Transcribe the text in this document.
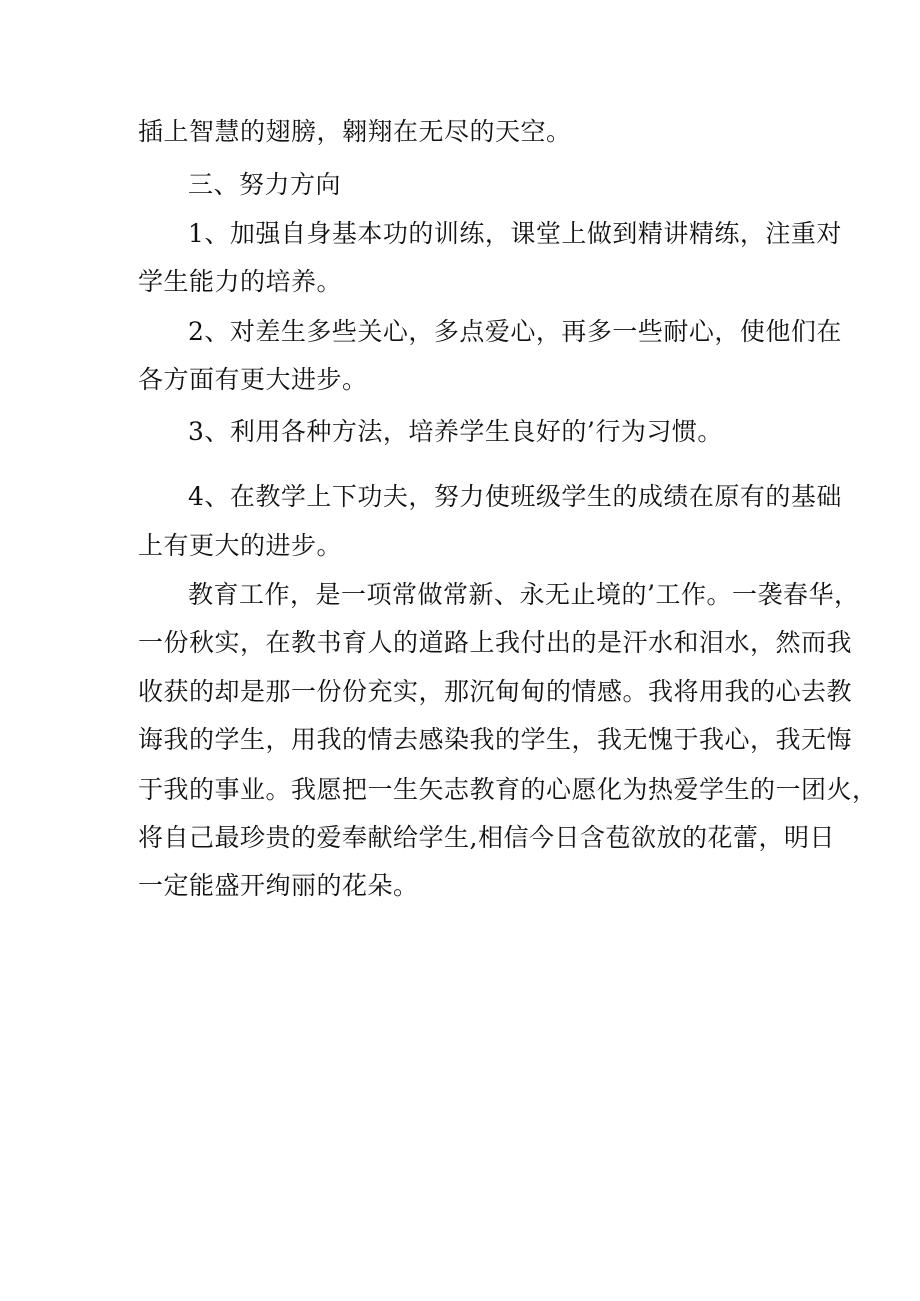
插上智慧的翅膀，翱翔在无尽的天空。
三、努力方向
1、加强自身基本功的训练，课堂上做到精讲精练，注重对
学生能力的培养。
2、对差生多些关心，多点爱心，再多一些耐心，使他们在
各方面有更大进步。
3、利用各种方法，培养学生良好的’行为习惯。
4、在教学上下功夫，努力使班级学生的成绩在原有的基础
上有更大的进步。
教育工作，是一项常做常新、永无止境的’工作。一袭春华，
一份秋实，在教书育人的道路上我付出的是汗水和泪水，然而我
收获的却是那一份份充实，那沉甸甸的情感。我将用我的心去教
诲我的学生，用我的情去感染我的学生，我无愧于我心，我无悔
于我的事业。我愿把一生矢志教育的心愿化为热爱学生的一团火，
将自己最珍贵的爱奉献给学生,相信今日含苞欲放的花蕾，明日
一定能盛开绚丽的花朵。
